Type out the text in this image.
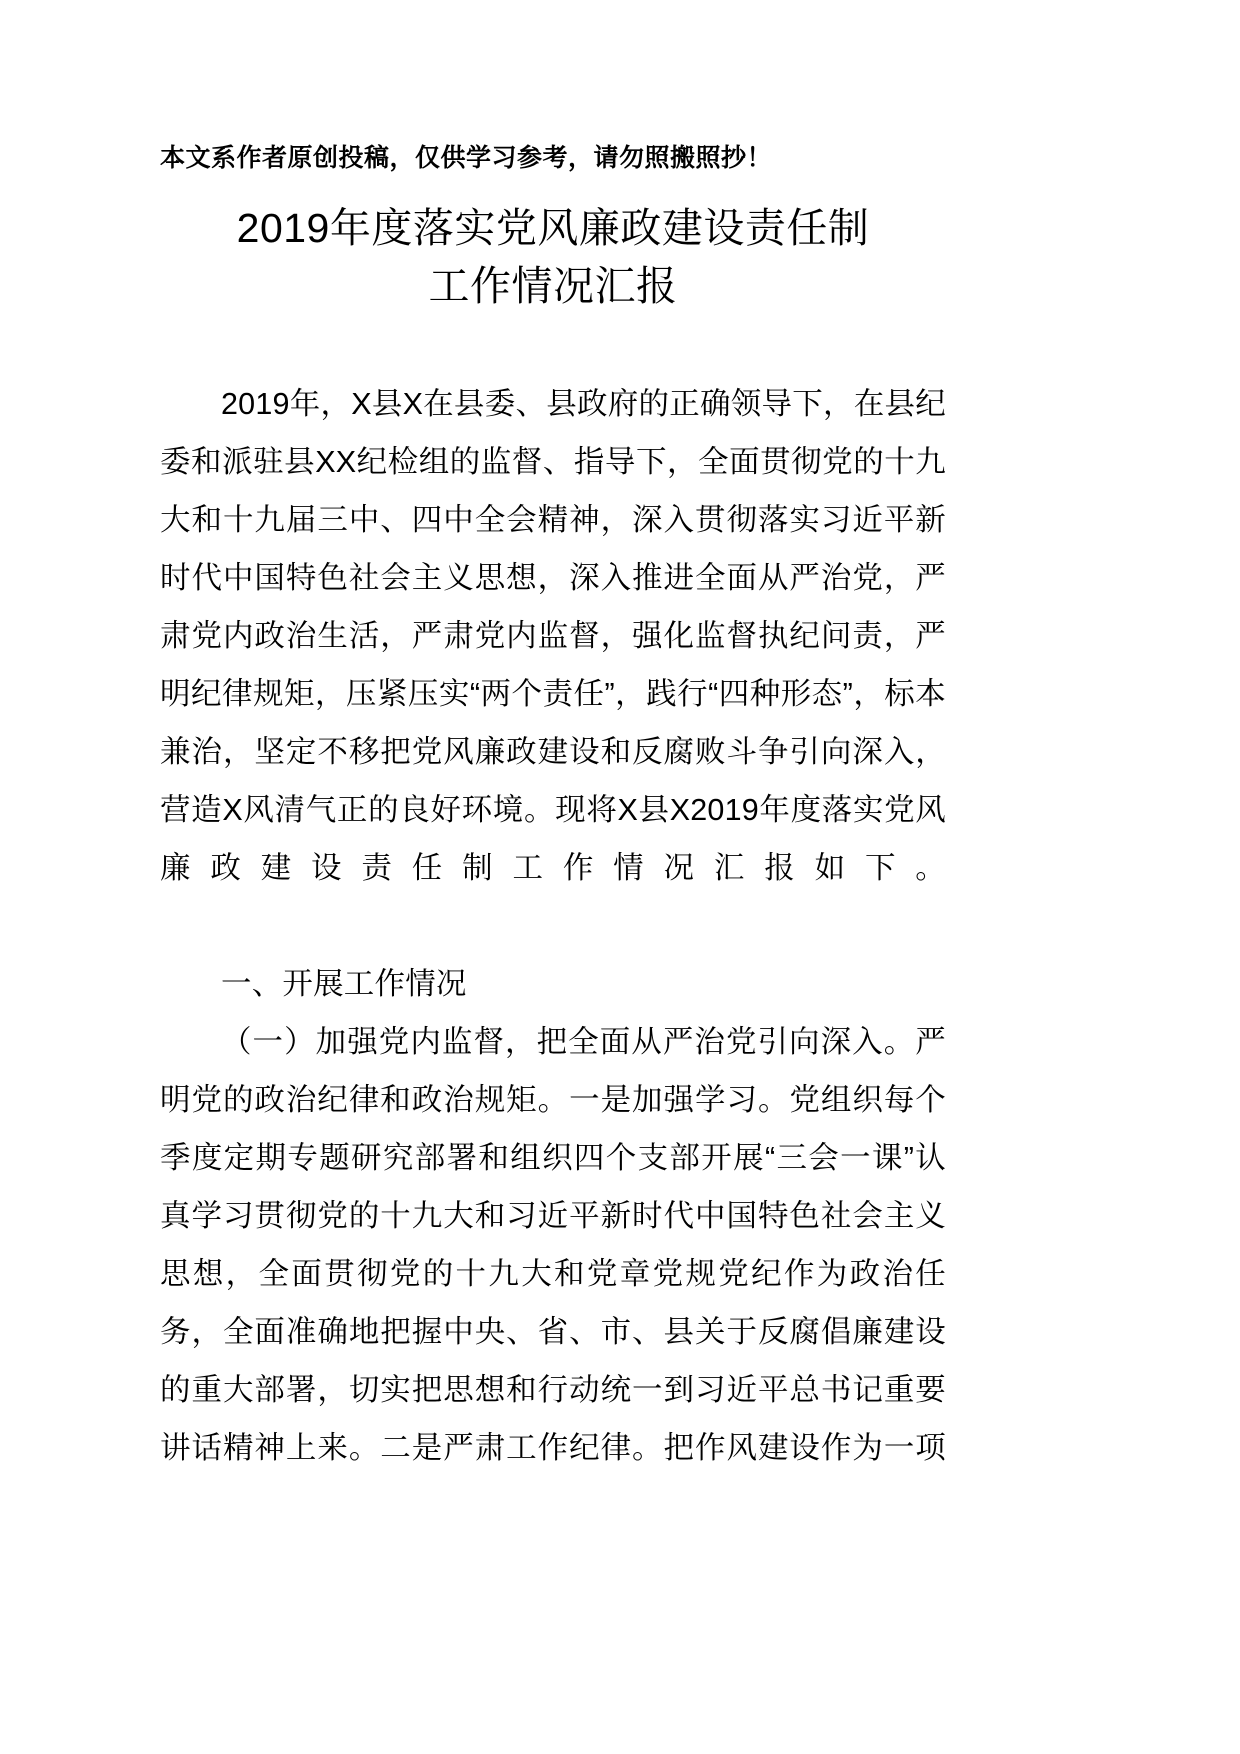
本文系作者原创投稿，仅供学习参考，请勿照搬照抄！
2019年度落实党风廉政建设责任制
工作情况汇报

2019年，X县X在县委、县政府的正确领导下，在县纪委和派驻县XX纪检组的监督、指导下，全面贯彻党的十九大和十九届三中、四中全会精神，深入贯彻落实习近平新时代中国特色社会主义思想，深入推进全面从严治党，严肃党内政治生活，严肃党内监督，强化监督执纪问责，严明纪律规矩，压紧压实“两个责任”，践行“四种形态”，标本兼治，坚定不移把党风廉政建设和反腐败斗争引向深入，营造X风清气正的良好环境。现将X县X2019年度落实党风廉政建设责任制工作情况汇报如下。

一、开展工作情况

（一）加强党内监督，把全面从严治党引向深入。严明党的政治纪律和政治规矩。一是加强学习。党组织每个季度定期专题研究部署和组织四个支部开展“三会一课”认真学习贯彻党的十九大和习近平新时代中国特色社会主义思想，全面贯彻党的十九大和党章党规党纪作为政治任务，全面准确地把握中央、省、市、县关于反腐倡廉建设的重大部署，切实把思想和行动统一到习近平总书记重要讲话精神上来。二是严肃工作纪律。把作风建设作为一项
